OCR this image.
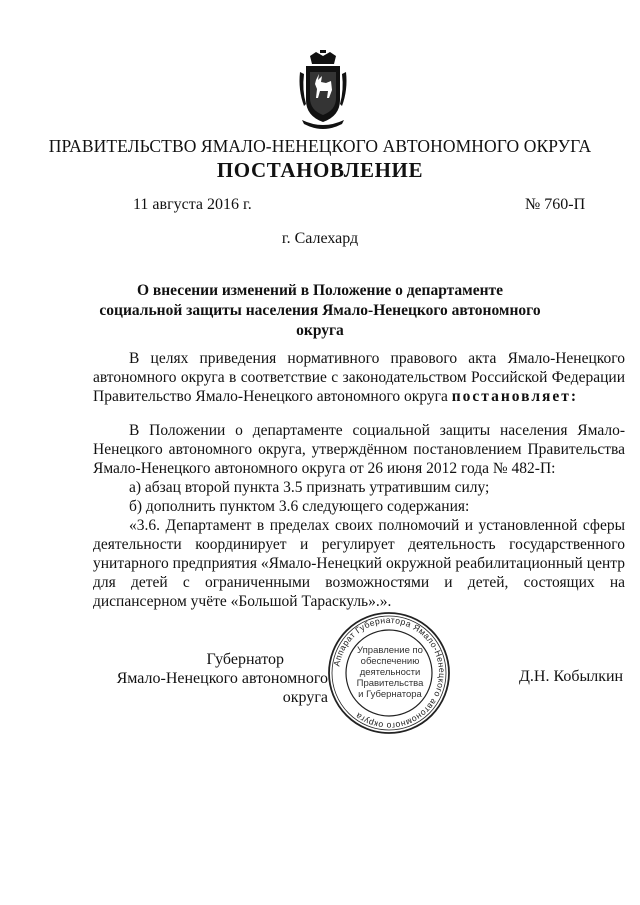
ПРАВИТЕЛЬСТВО ЯМАЛО-НЕНЕЦКОГО АВТОНОМНОГО ОКРУГА
ПОСТАНОВЛЕНИЕ
11 августа 2016 г.	№ 760-П
г. Салехард
О внесении изменений в Положение о департаменте социальной защиты населения Ямало-Ненецкого автономного округа
В целях приведения нормативного правового акта Ямало-Ненецкого автономного округа в соответствие с законодательством Российской Федерации Правительство Ямало-Ненецкого автономного округа постановляет:

В Положении о департаменте социальной защиты населения Ямало-Ненецкого автономного округа, утверждённом постановлением Правительства Ямало-Ненецкого автономного округа от 26 июня 2012 года № 482-П:

а) абзац второй пункта 3.5 признать утратившим силу;

б) дополнить пунктом 3.6 следующего содержания:

«3.6. Департамент в пределах своих полномочий и установленной сферы деятельности координирует и регулирует деятельность государственного унитарного предприятия «Ямало-Ненецкий окружной реабилитационный центр для детей с ограниченными возможностями и детей, состоящих на диспансерном учёте «Большой Тараскуль».».

Губернатор
Ямало-Ненецкого автономного округа
Аппарат Губернатора Ямало-Ненецкого автономного округа
Управление по
обеспечению
деятельности
Правительства
и Губернатора
Д.Н. Кобылкин
